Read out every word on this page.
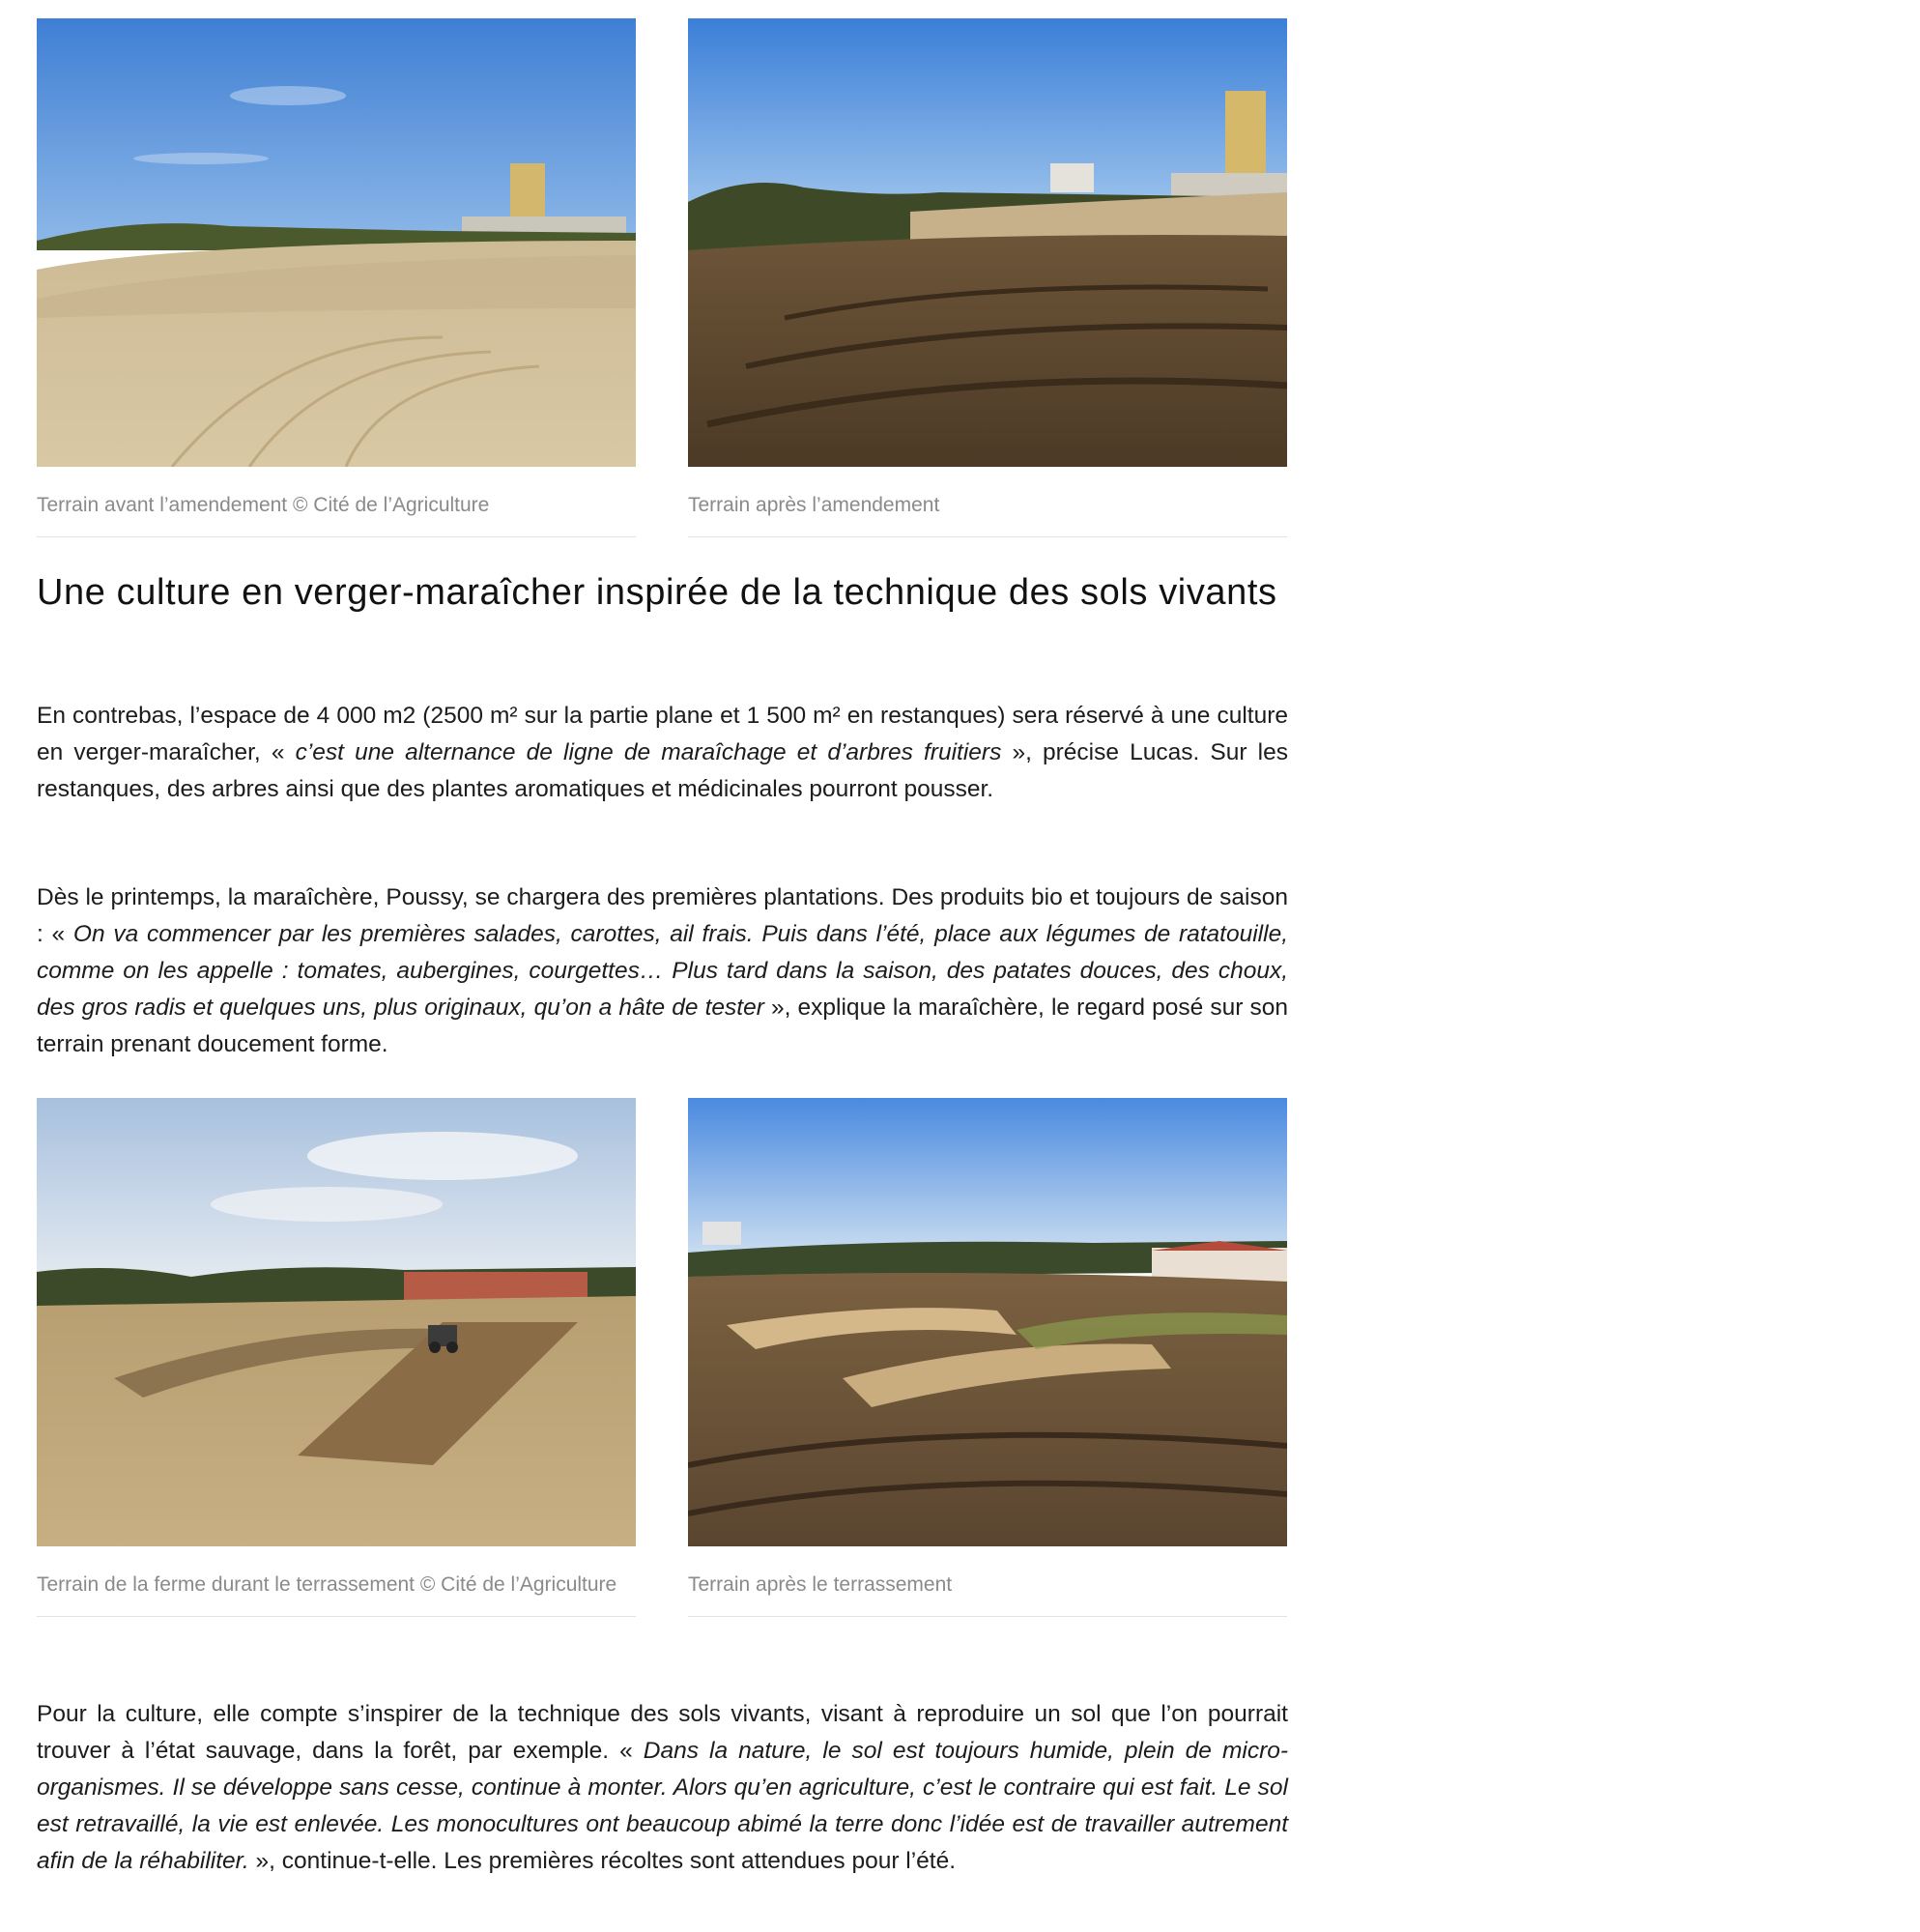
Terrain avant l’amendement © Cité de l’Agriculture	Terrain après l’amendement
Une culture en verger-maraîcher inspirée de la technique des sols vivants

En contrebas, l’espace de 4 000 m2 (2500 m² sur la partie plane et 1 500 m² en restanques) sera réservé à une culture en verger-maraîcher, « c’est une alternance de ligne de maraîchage et d’arbres fruitiers », précise Lucas. Sur les restanques, des arbres ainsi que des plantes aromatiques et médicinales pourront pousser.

Dès le printemps, la maraîchère, Poussy, se chargera des premières plantations. Des produits bio et toujours de saison : « On va commencer par les premières salades, carottes, ail frais. Puis dans l’été, place aux légumes de ratatouille, comme on les appelle : tomates, aubergines, courgettes… Plus tard dans la saison, des patates douces, des choux, des gros radis et quelques uns, plus originaux, qu’on a hâte de tester », explique la maraîchère, le regard posé sur son terrain prenant doucement forme.

Terrain de la ferme durant le terrassement © Cité de l’Agriculture	Terrain après le terrassement

Pour la culture, elle compte s’inspirer de la technique des sols vivants, visant à reproduire un sol que l’on pourrait trouver à l’état sauvage, dans la forêt, par exemple. « Dans la nature, le sol est toujours humide, plein de micro-organismes. Il se développe sans cesse, continue à monter. Alors qu’en agriculture, c’est le contraire qui est fait. Le sol est retravaillé, la vie est enlevée. Les monocultures ont beaucoup abimé la terre donc l’idée est de travailler autrement afin de la réhabiliter. », continue-t-elle. Les premières récoltes sont attendues pour l’été.
